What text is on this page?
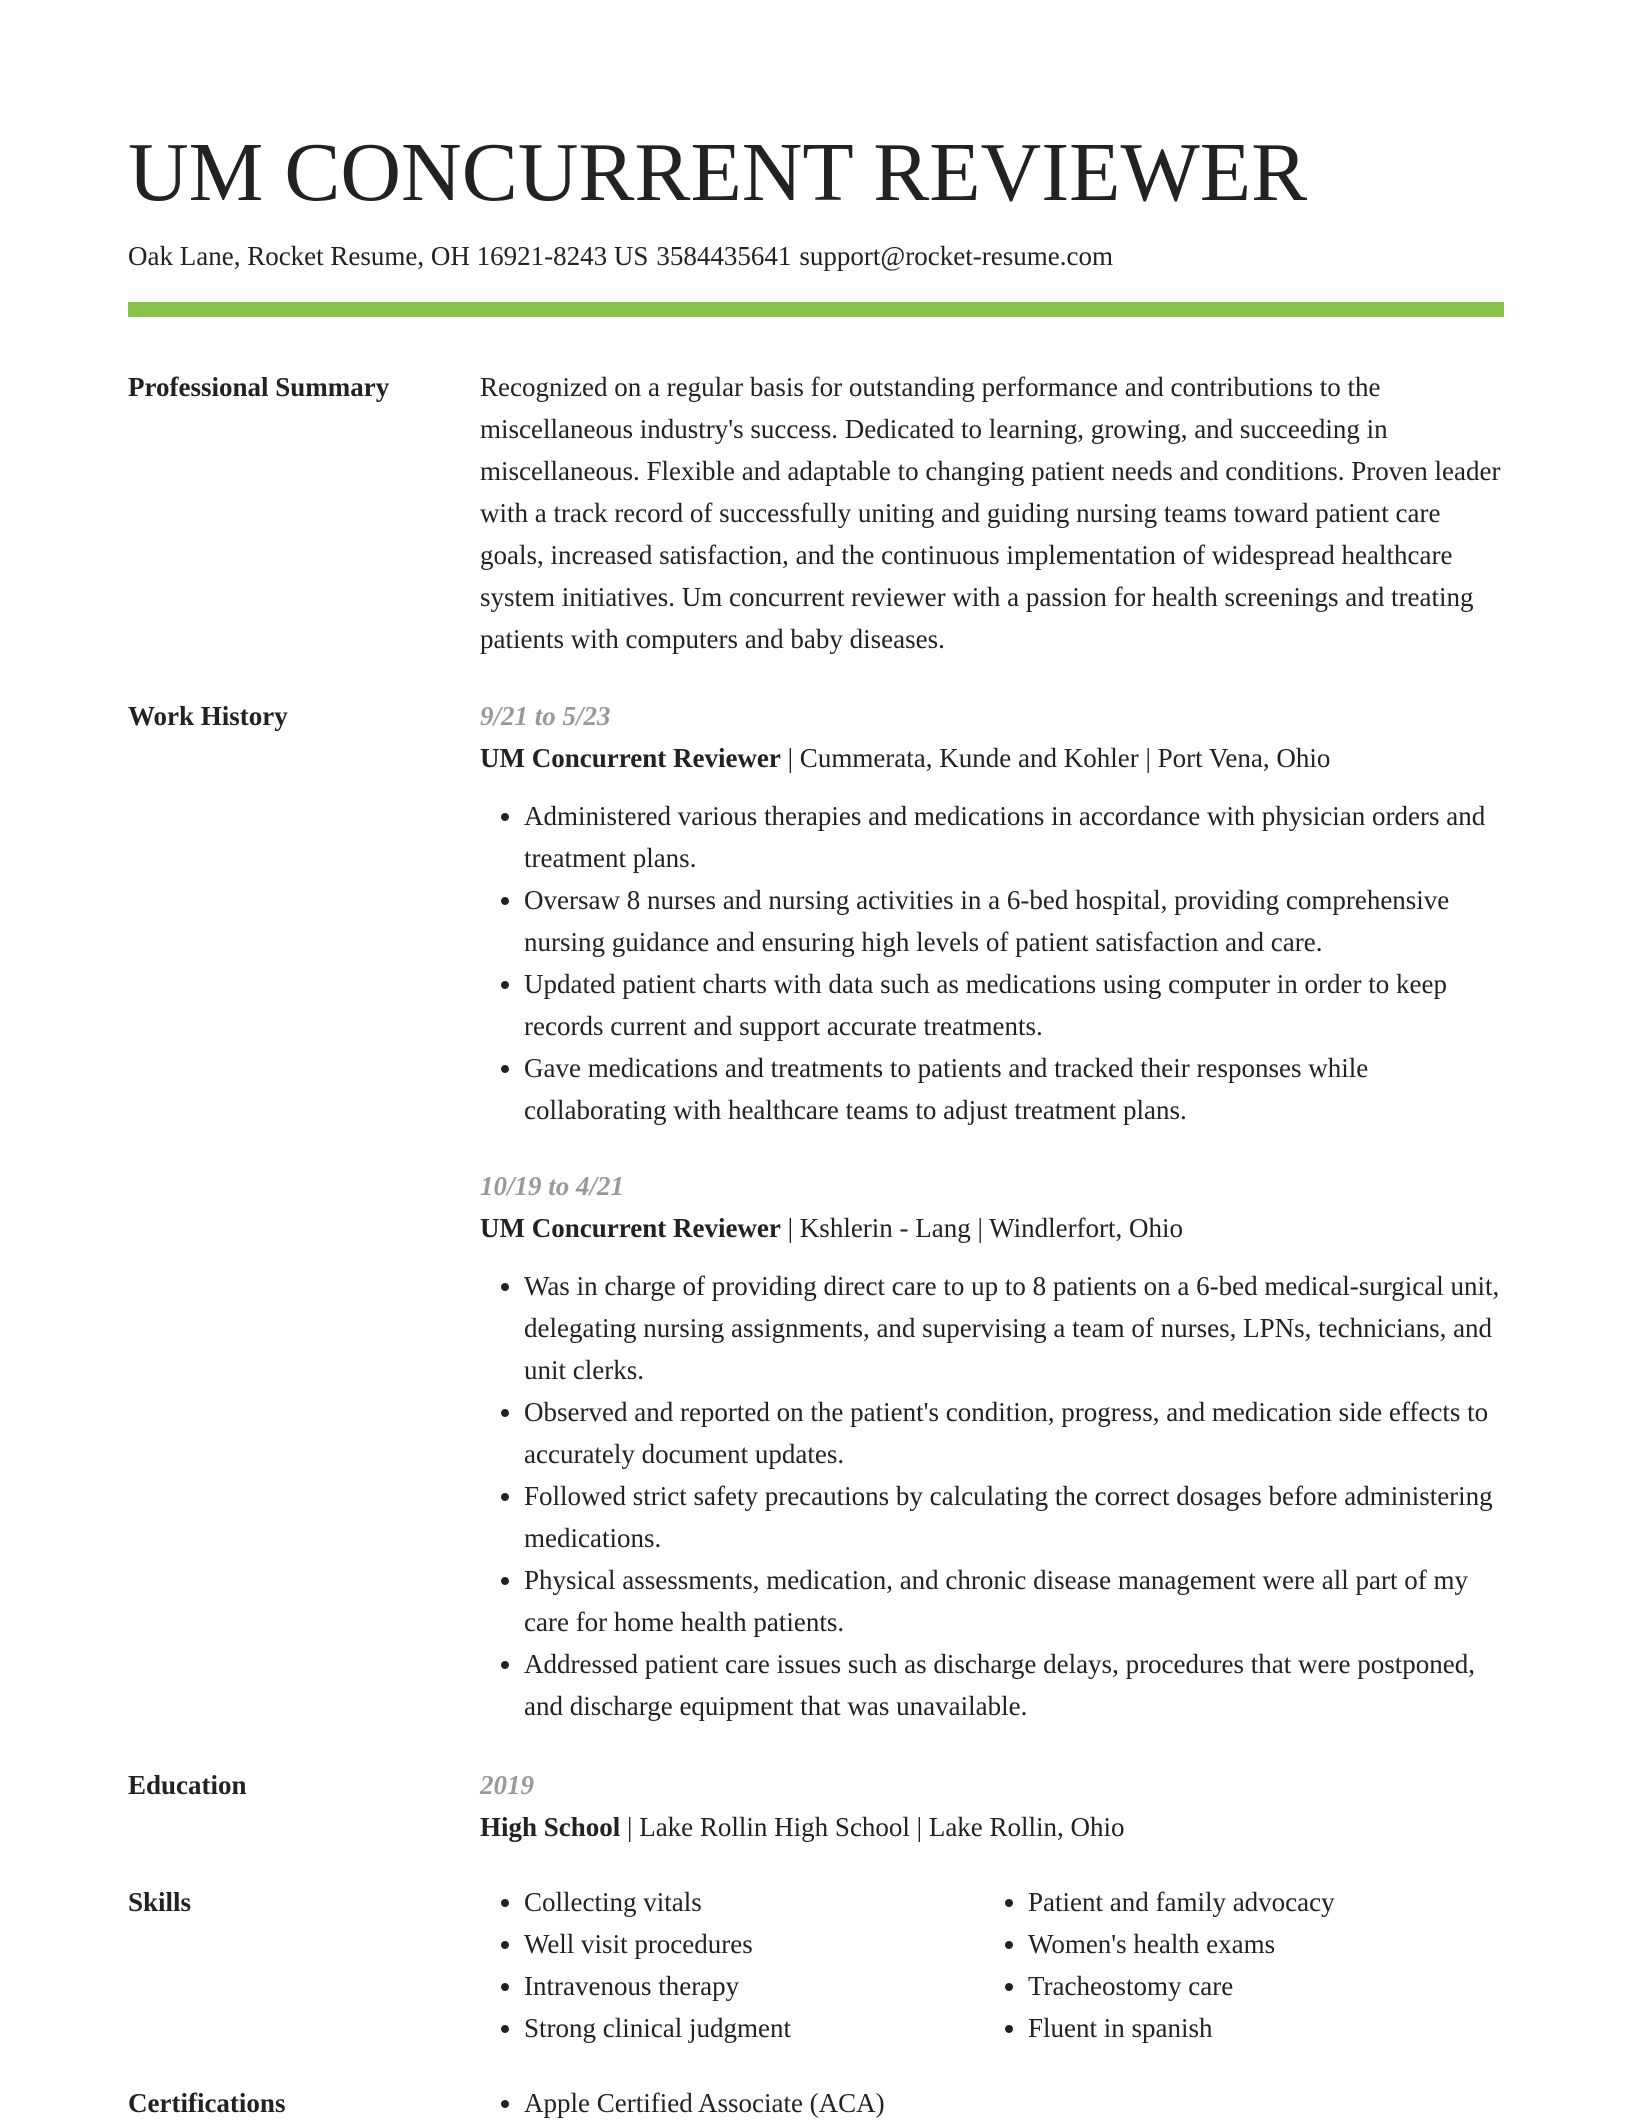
UM CONCURRENT REVIEWER
Oak Lane, Rocket Resume, OH 16921-8243 US 3584435641 support@rocket-resume.com
Professional Summary	Recognized on a regular basis for outstanding performance and contributions to the miscellaneous industry's success. Dedicated to learning, growing, and succeeding in miscellaneous. Flexible and adaptable to changing patient needs and conditions. Proven leader with a track record of successfully uniting and guiding nursing teams toward patient care goals, increased satisfaction, and the continuous implementation of widespread healthcare system initiatives. Um concurrent reviewer with a passion for health screenings and treating patients with computers and baby diseases.

Work History	9/21 to 5/23
UM Concurrent Reviewer | Cummerata, Kunde and Kohler | Port Vena, Ohio
• Administered various therapies and medications in accordance with physician orders and treatment plans.
• Oversaw 8 nurses and nursing activities in a 6-bed hospital, providing comprehensive nursing guidance and ensuring high levels of patient satisfaction and care.
• Updated patient charts with data such as medications using computer in order to keep records current and support accurate treatments.
• Gave medications and treatments to patients and tracked their responses while collaborating with healthcare teams to adjust treatment plans.
10/19 to 4/21
UM Concurrent Reviewer | Kshlerin - Lang | Windlerfort, Ohio
• Was in charge of providing direct care to up to 8 patients on a 6-bed medical-surgical unit, delegating nursing assignments, and supervising a team of nurses, LPNs, technicians, and unit clerks.
• Observed and reported on the patient's condition, progress, and medication side effects to accurately document updates.
• Followed strict safety precautions by calculating the correct dosages before administering medications.
• Physical assessments, medication, and chronic disease management were all part of my care for home health patients.
• Addressed patient care issues such as discharge delays, procedures that were postponed, and discharge equipment that was unavailable.
Education	2019
High School | Lake Rollin High School | Lake Rollin, Ohio
Skills	• Collecting vitals
• Well visit procedures
• Intravenous therapy
• Strong clinical judgment
• Patient and family advocacy
• Women's health exams
• Tracheostomy care
• Fluent in spanish
Certifications	• Apple Certified Associate (ACA)
